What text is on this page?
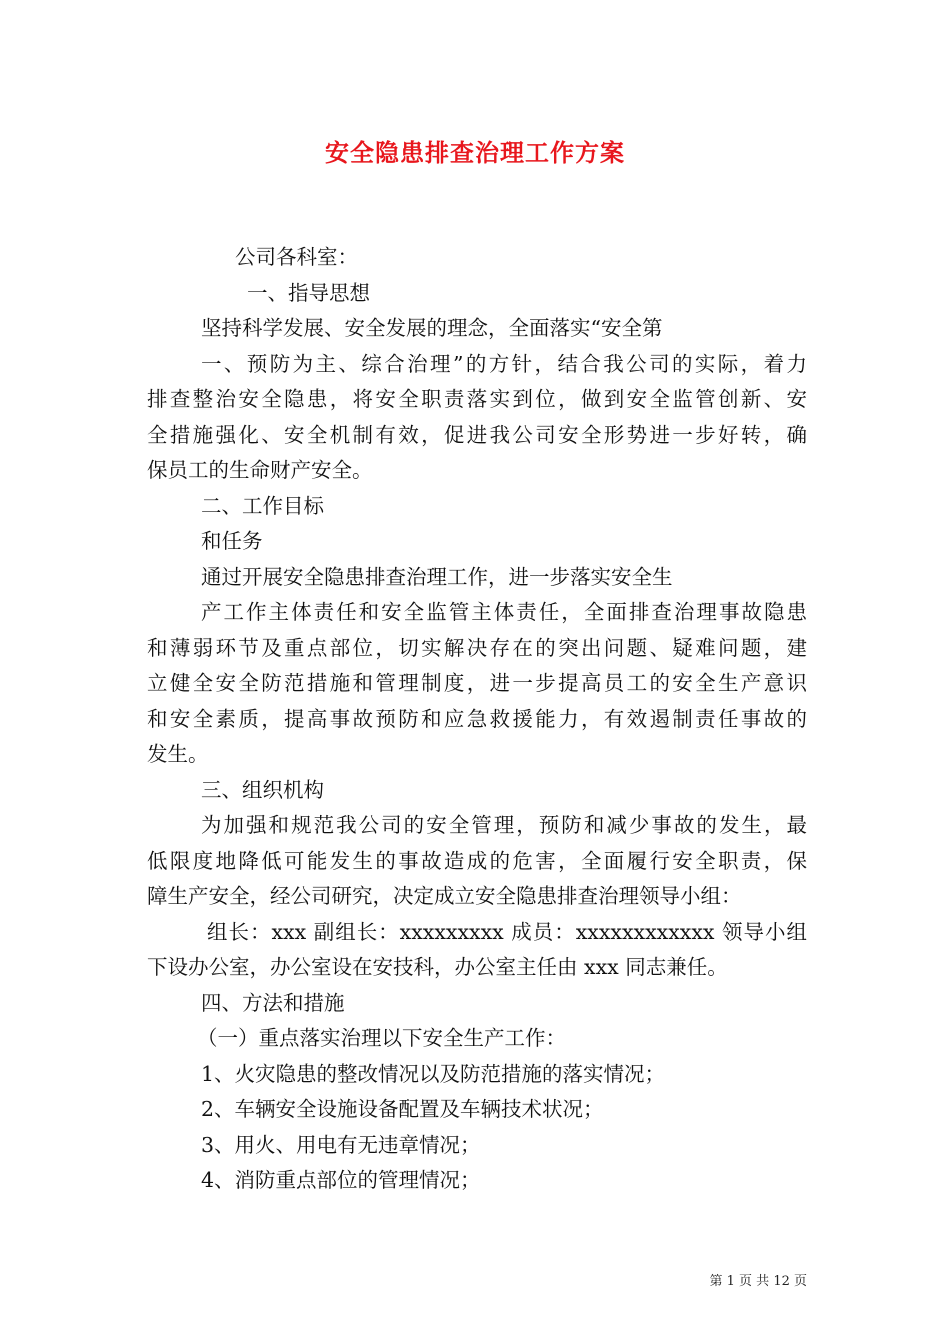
安全隐患排查治理工作方案
公司各科室：
一、指导思想
坚持科学发展、安全发展的理念，全面落实“安全第
一、预防为主、综合治理”的方针，结合我公司的实际，着力
排查整治安全隐患，将安全职责落实到位，做到安全监管创新、安
全措施强化、安全机制有效，促进我公司安全形势进一步好转，确
保员工的生命财产安全。
二、工作目标
和任务
通过开展安全隐患排查治理工作，进一步落实安全生
产工作主体责任和安全监管主体责任，全面排查治理事故隐患
和薄弱环节及重点部位，切实解决存在的突出问题、疑难问题，建
立健全安全防范措施和管理制度，进一步提高员工的安全生产意识
和安全素质，提高事故预防和应急救援能力，有效遏制责任事故的
发生。
三、组织机构
为加强和规范我公司的安全管理，预防和减少事故的发生，最
低限度地降低可能发生的事故造成的危害，全面履行安全职责，保
障生产安全，经公司研究，决定成立安全隐患排查治理领导小组：
组长：xxx 副组长：xxxxxxxxx 成员：xxxxxxxxxxxx 领导小组
下设办公室，办公室设在安技科，办公室主任由 xxx 同志兼任。
四、方法和措施
（一）重点落实治理以下安全生产工作：
1、火灾隐患的整改情况以及防范措施的落实情况；
2、车辆安全设施设备配置及车辆技术状况；
3、用火、用电有无违章情况；
4、消防重点部位的管理情况；
第 1 页 共 12 页
